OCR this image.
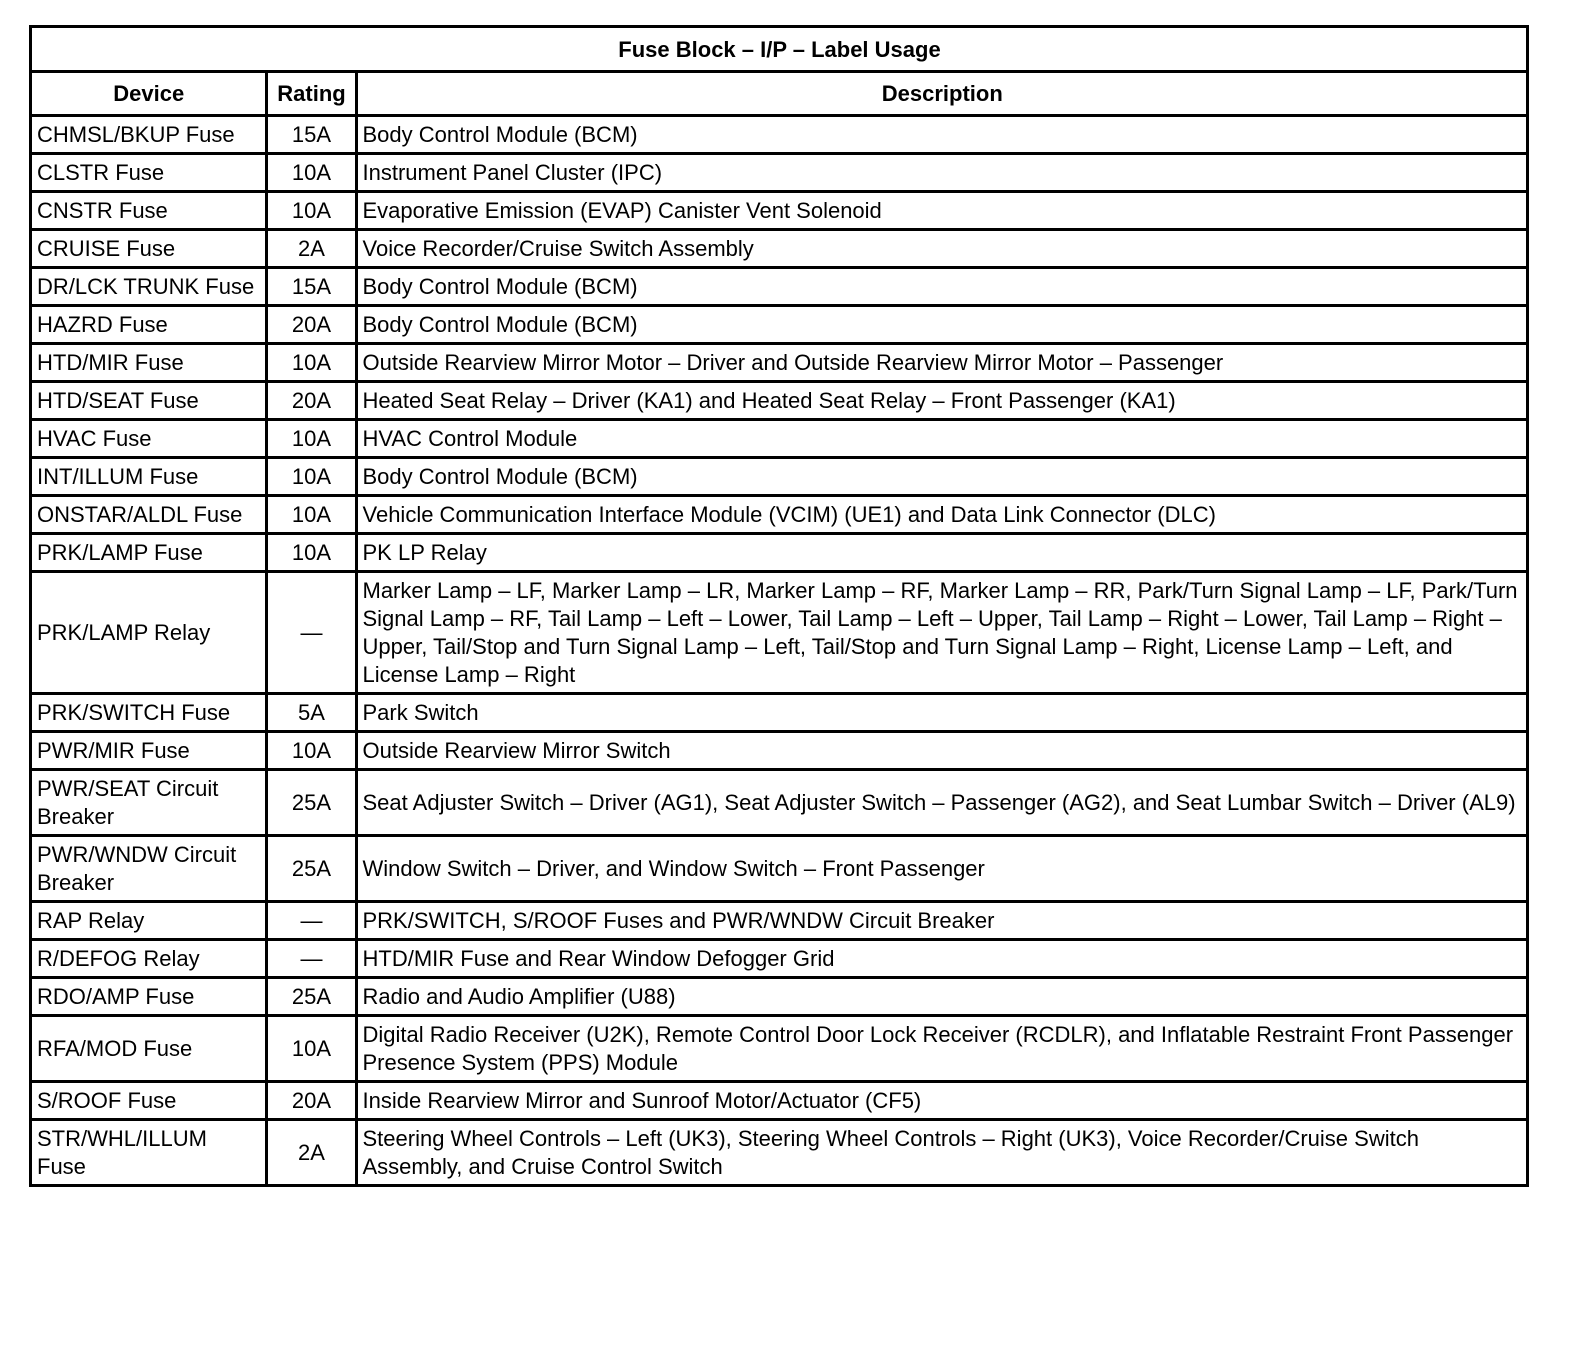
Fuse Block – I/P – Label Usage		
Device	Rating	Description
CHMSL/BKUP Fuse	15A	Body Control Module (BCM)
CLSTR Fuse	10A	Instrument Panel Cluster (IPC)
CNSTR Fuse	10A	Evaporative Emission (EVAP) Canister Vent Solenoid
CRUISE Fuse	2A	Voice Recorder/Cruise Switch Assembly
DR/LCK TRUNK Fuse	15A	Body Control Module (BCM)
HAZRD Fuse	20A	Body Control Module (BCM)
HTD/MIR Fuse	10A	Outside Rearview Mirror Motor – Driver and Outside Rearview Mirror Motor – Passenger
HTD/SEAT Fuse	20A	Heated Seat Relay – Driver (KA1) and Heated Seat Relay – Front Passenger (KA1)
HVAC Fuse	10A	HVAC Control Module
INT/ILLUM Fuse	10A	Body Control Module (BCM)
ONSTAR/ALDL Fuse	10A	Vehicle Communication Interface Module (VCIM) (UE1) and Data Link Connector (DLC)
PRK/LAMP Fuse	10A	PK LP Relay
PRK/LAMP Relay	—	Marker Lamp – LF, Marker Lamp – LR, Marker Lamp – RF, Marker Lamp – RR, Park/Turn Signal Lamp – LF, Park/Turn Signal Lamp – RF, Tail Lamp – Left – Lower, Tail Lamp – Left – Upper, Tail Lamp – Right – Lower, Tail Lamp – Right – Upper, Tail/Stop and Turn Signal Lamp – Left, Tail/Stop and Turn Signal Lamp – Right, License Lamp – Left, and License Lamp – Right
PRK/SWITCH Fuse	5A	Park Switch
PWR/MIR Fuse	10A	Outside Rearview Mirror Switch
PWR/SEAT Circuit Breaker	25A	Seat Adjuster Switch – Driver (AG1), Seat Adjuster Switch – Passenger (AG2), and Seat Lumbar Switch – Driver (AL9)
PWR/WNDW Circuit Breaker	25A	Window Switch – Driver, and Window Switch – Front Passenger
RAP Relay	—	PRK/SWITCH, S/ROOF Fuses and PWR/WNDW Circuit Breaker
R/DEFOG Relay	—	HTD/MIR Fuse and Rear Window Defogger Grid
RDO/AMP Fuse	25A	Radio and Audio Amplifier (U88)
RFA/MOD Fuse	10A	Digital Radio Receiver (U2K), Remote Control Door Lock Receiver (RCDLR), and Inflatable Restraint Front Passenger Presence System (PPS) Module
S/ROOF Fuse	20A	Inside Rearview Mirror and Sunroof Motor/Actuator (CF5)
STR/WHL/ILLUM Fuse	2A	Steering Wheel Controls – Left (UK3), Steering Wheel Controls – Right (UK3), Voice Recorder/Cruise Switch Assembly, and Cruise Control Switch
